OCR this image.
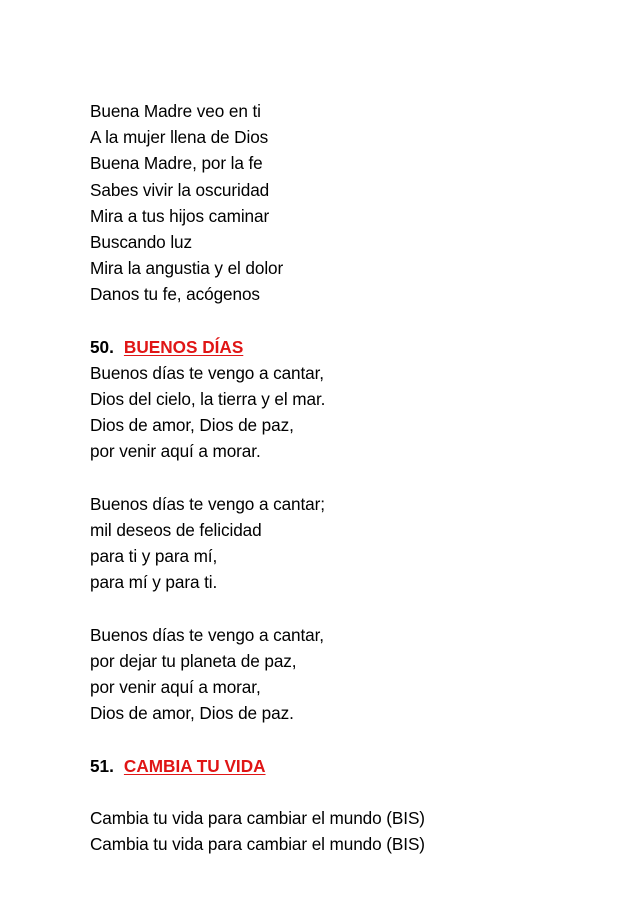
Buena Madre veo en ti
A la mujer llena de Dios
Buena Madre, por la fe
Sabes vivir la oscuridad
Mira a tus hijos caminar
Buscando luz
Mira la angustia y el dolor
Danos tu fe, acógenos
50. BUENOS DÍAS
Buenos días te vengo a cantar,
Dios del cielo, la tierra y el mar.
Dios de amor, Dios de paz,
por venir aquí a morar.
Buenos días te vengo a cantar;
mil deseos de felicidad
para ti y para mí,
para mí y para ti.
Buenos días te vengo a cantar,
por dejar tu planeta de paz,
por venir aquí a morar,
Dios de amor, Dios de paz.
51. CAMBIA TU VIDA
Cambia tu vida para cambiar el mundo (BIS)
Cambia tu vida para cambiar el mundo (BIS)
